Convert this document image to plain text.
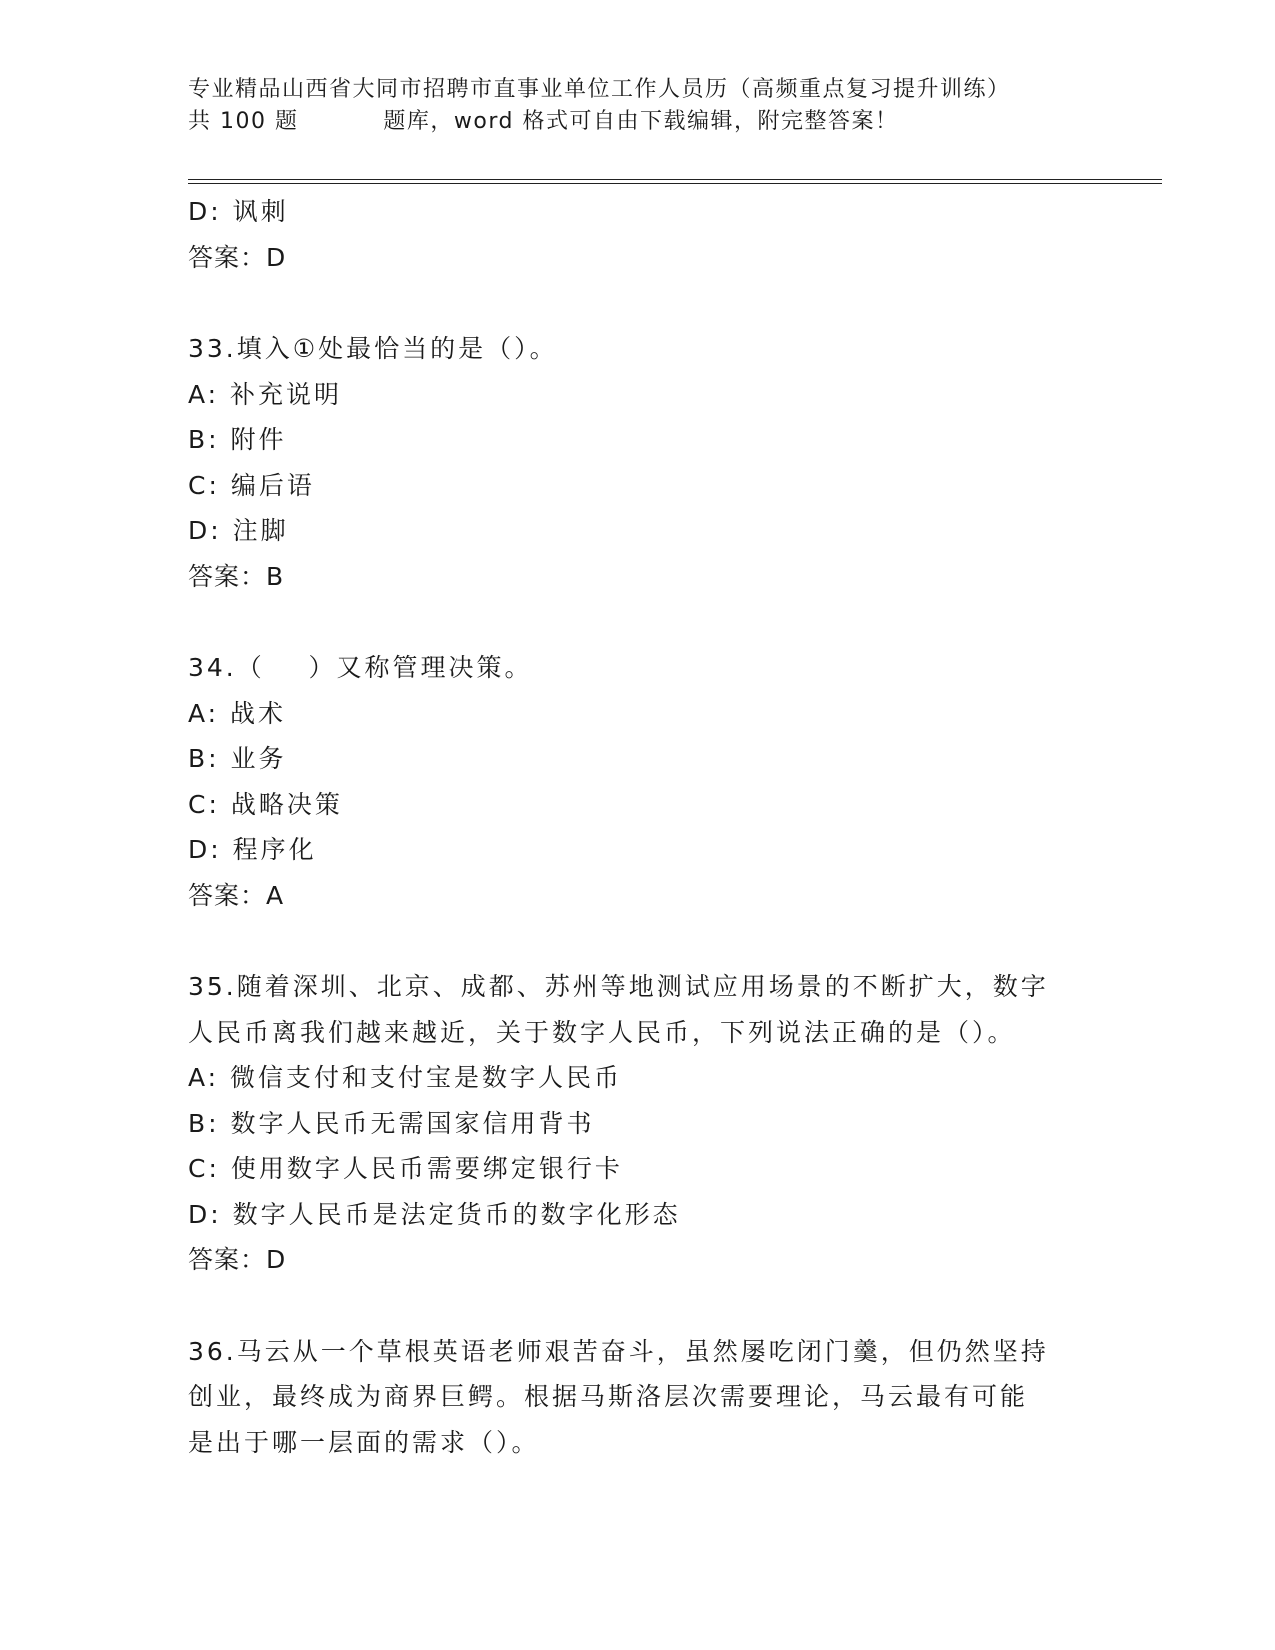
专业精品山西省大同市招聘市直事业单位工作人员历（高频重点复习提升训练）
共 100 题          题库，word 格式可自由下载编辑，附完整答案！
D: 讽刺
答案：D
33.填入①处最恰当的是（）。
A: 补充说明
B: 附件
C: 编后语
D: 注脚
答案：B
34.（    ）又称管理决策。
A: 战术
B: 业务
C: 战略决策
D: 程序化
答案：A
35.随着深圳、北京、成都、苏州等地测试应用场景的不断扩大，数字
人民币离我们越来越近，关于数字人民币，下列说法正确的是（）。
A: 微信支付和支付宝是数字人民币
B: 数字人民币无需国家信用背书
C: 使用数字人民币需要绑定银行卡
D: 数字人民币是法定货币的数字化形态
答案：D
36.马云从一个草根英语老师艰苦奋斗，虽然屡吃闭门羹，但仍然坚持
创业，最终成为商界巨鳄。根据马斯洛层次需要理论，马云最有可能
是出于哪一层面的需求（）。
